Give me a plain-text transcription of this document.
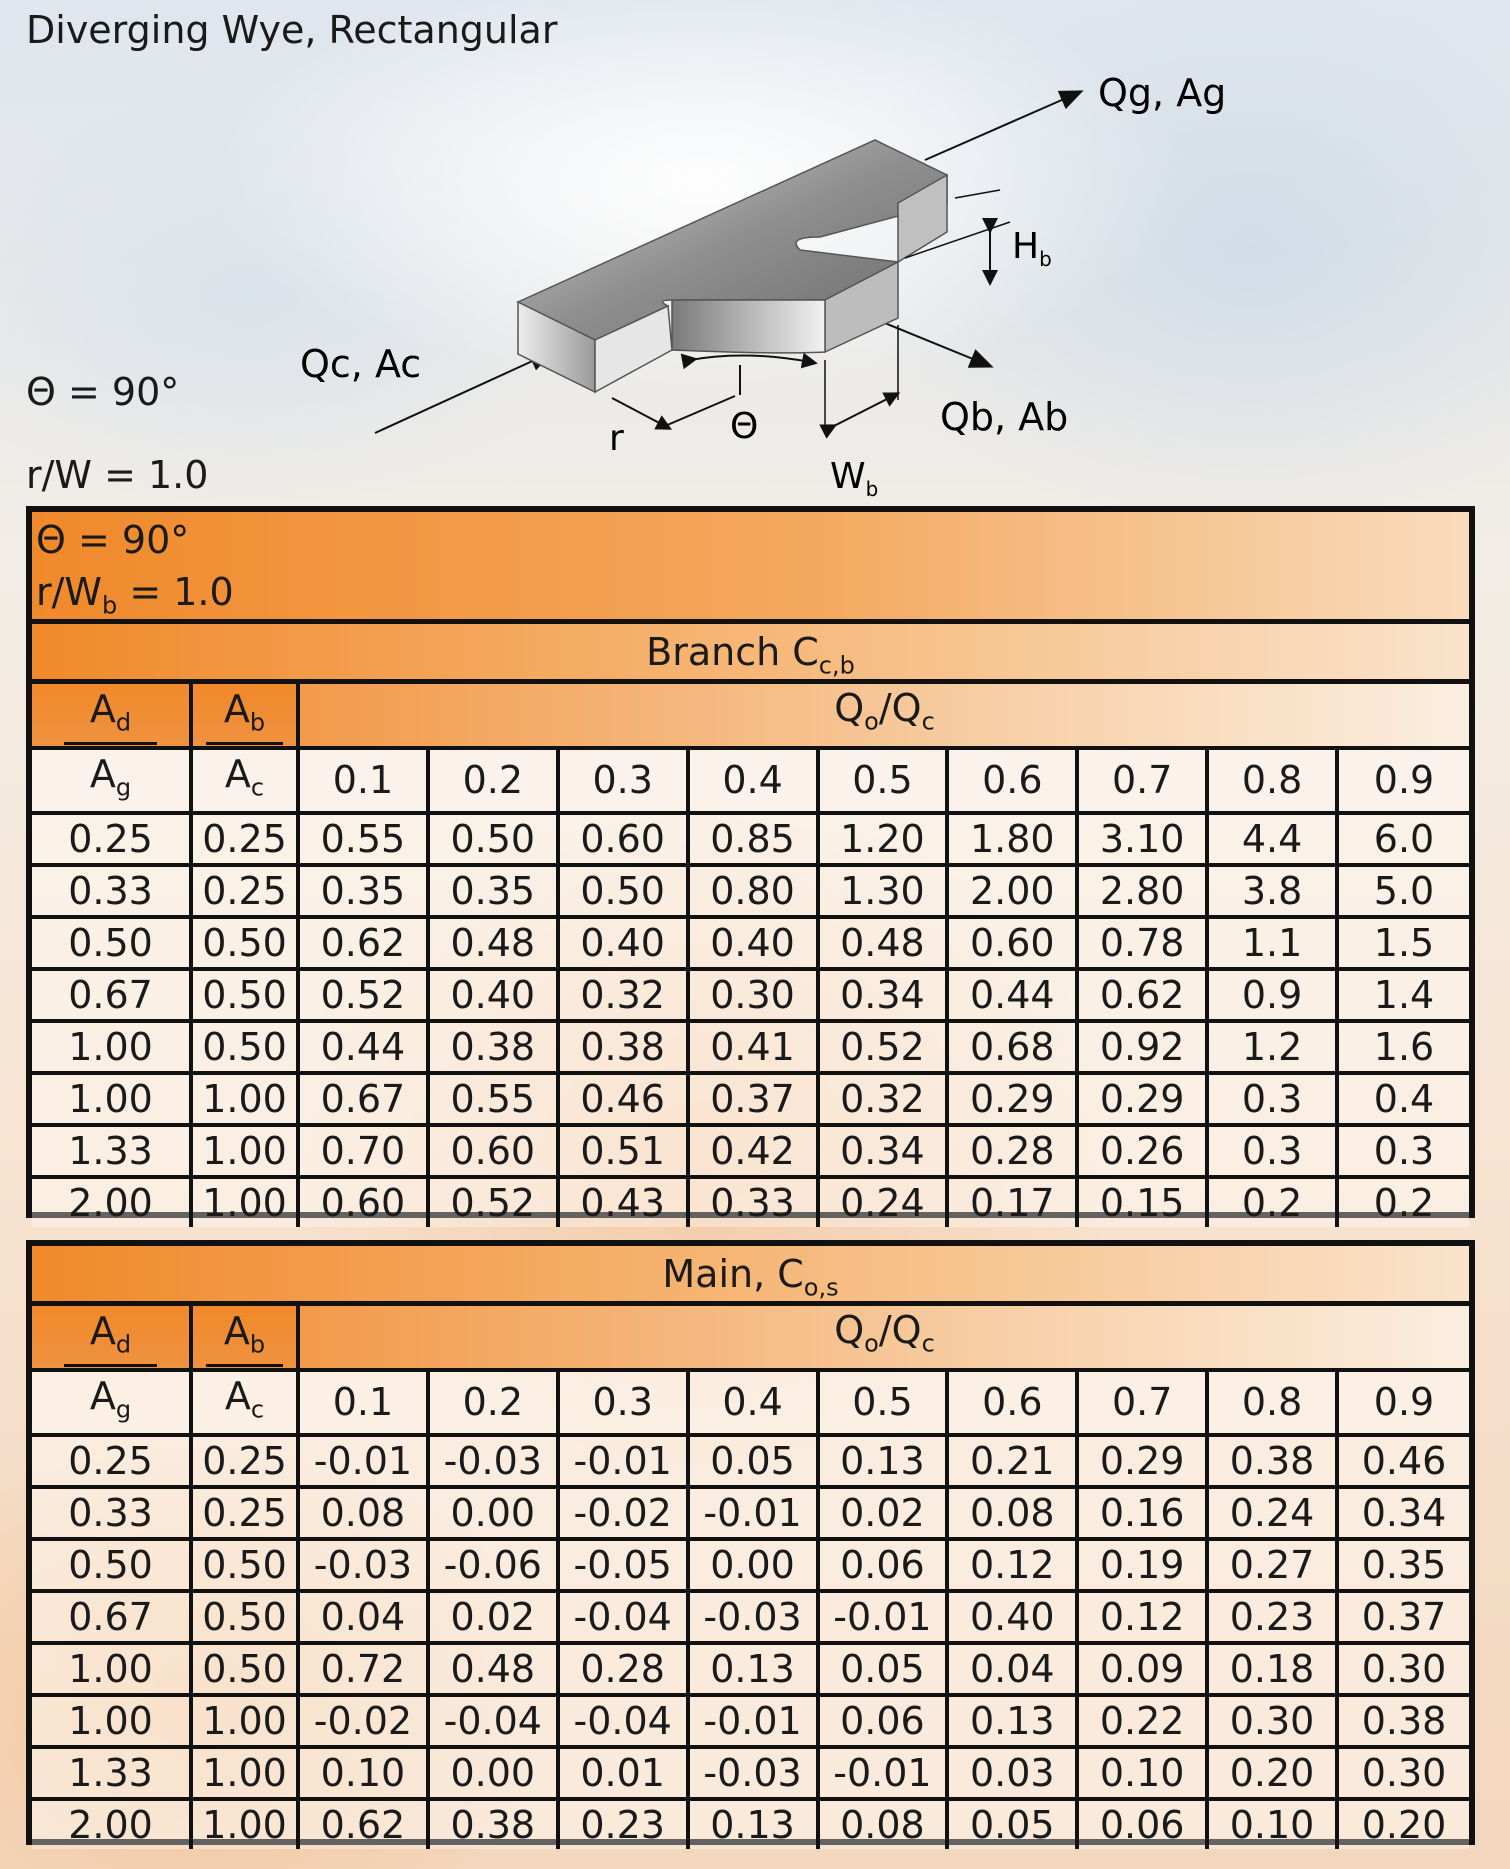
Diverging Wye, Rectangular
Θ = 90°
r/W = 1.0
Qg, Ag
Qc, Ac
Qb, Ab
$H_b$
$W_b$
r	Θ
Θ = 90°
$r/W_b = 1.0$
Branch $C_{c,b}$
$A_d$	$A_b$	$Q_o/Q_c$
$A_g$	$A_c$	0.1	0.2	0.3	0.4	0.5	0.6	0.7	0.8	0.9
0.25	0.25	0.55	0.50	0.60	0.85	1.20	1.80	3.10	4.4	6.0
0.33	0.25	0.35	0.35	0.50	0.80	1.30	2.00	2.80	3.8	5.0
0.50	0.50	0.62	0.48	0.40	0.40	0.48	0.60	0.78	1.1	1.5
0.67	0.50	0.52	0.40	0.32	0.30	0.34	0.44	0.62	0.9	1.4
1.00	0.50	0.44	0.38	0.38	0.41	0.52	0.68	0.92	1.2	1.6
1.00	1.00	0.67	0.55	0.46	0.37	0.32	0.29	0.29	0.3	0.4
1.33	1.00	0.70	0.60	0.51	0.42	0.34	0.28	0.26	0.3	0.3
2.00	1.00	0.60	0.52	0.43	0.33	0.24	0.17	0.15	0.2	0.2
Main, $C_{o,s}$
$A_d$	$A_b$	$Q_o/Q_c$
$A_g$	$A_c$	0.1	0.2	0.3	0.4	0.5	0.6	0.7	0.8	0.9
0.25	0.25	-0.01	-0.03	-0.01	0.05	0.13	0.21	0.29	0.38	0.46
0.33	0.25	0.08	0.00	-0.02	-0.01	0.02	0.08	0.16	0.24	0.34
0.50	0.50	-0.03	-0.06	-0.05	0.00	0.06	0.12	0.19	0.27	0.35
0.67	0.50	0.04	0.02	-0.04	-0.03	-0.01	0.40	0.12	0.23	0.37
1.00	0.50	0.72	0.48	0.28	0.13	0.05	0.04	0.09	0.18	0.30
1.00	1.00	-0.02	-0.04	-0.04	-0.01	0.06	0.13	0.22	0.30	0.38
1.33	1.00	0.10	0.00	0.01	-0.03	-0.01	0.03	0.10	0.20	0.30
2.00	1.00	0.62	0.38	0.23	0.13	0.08	0.05	0.06	0.10	0.20
